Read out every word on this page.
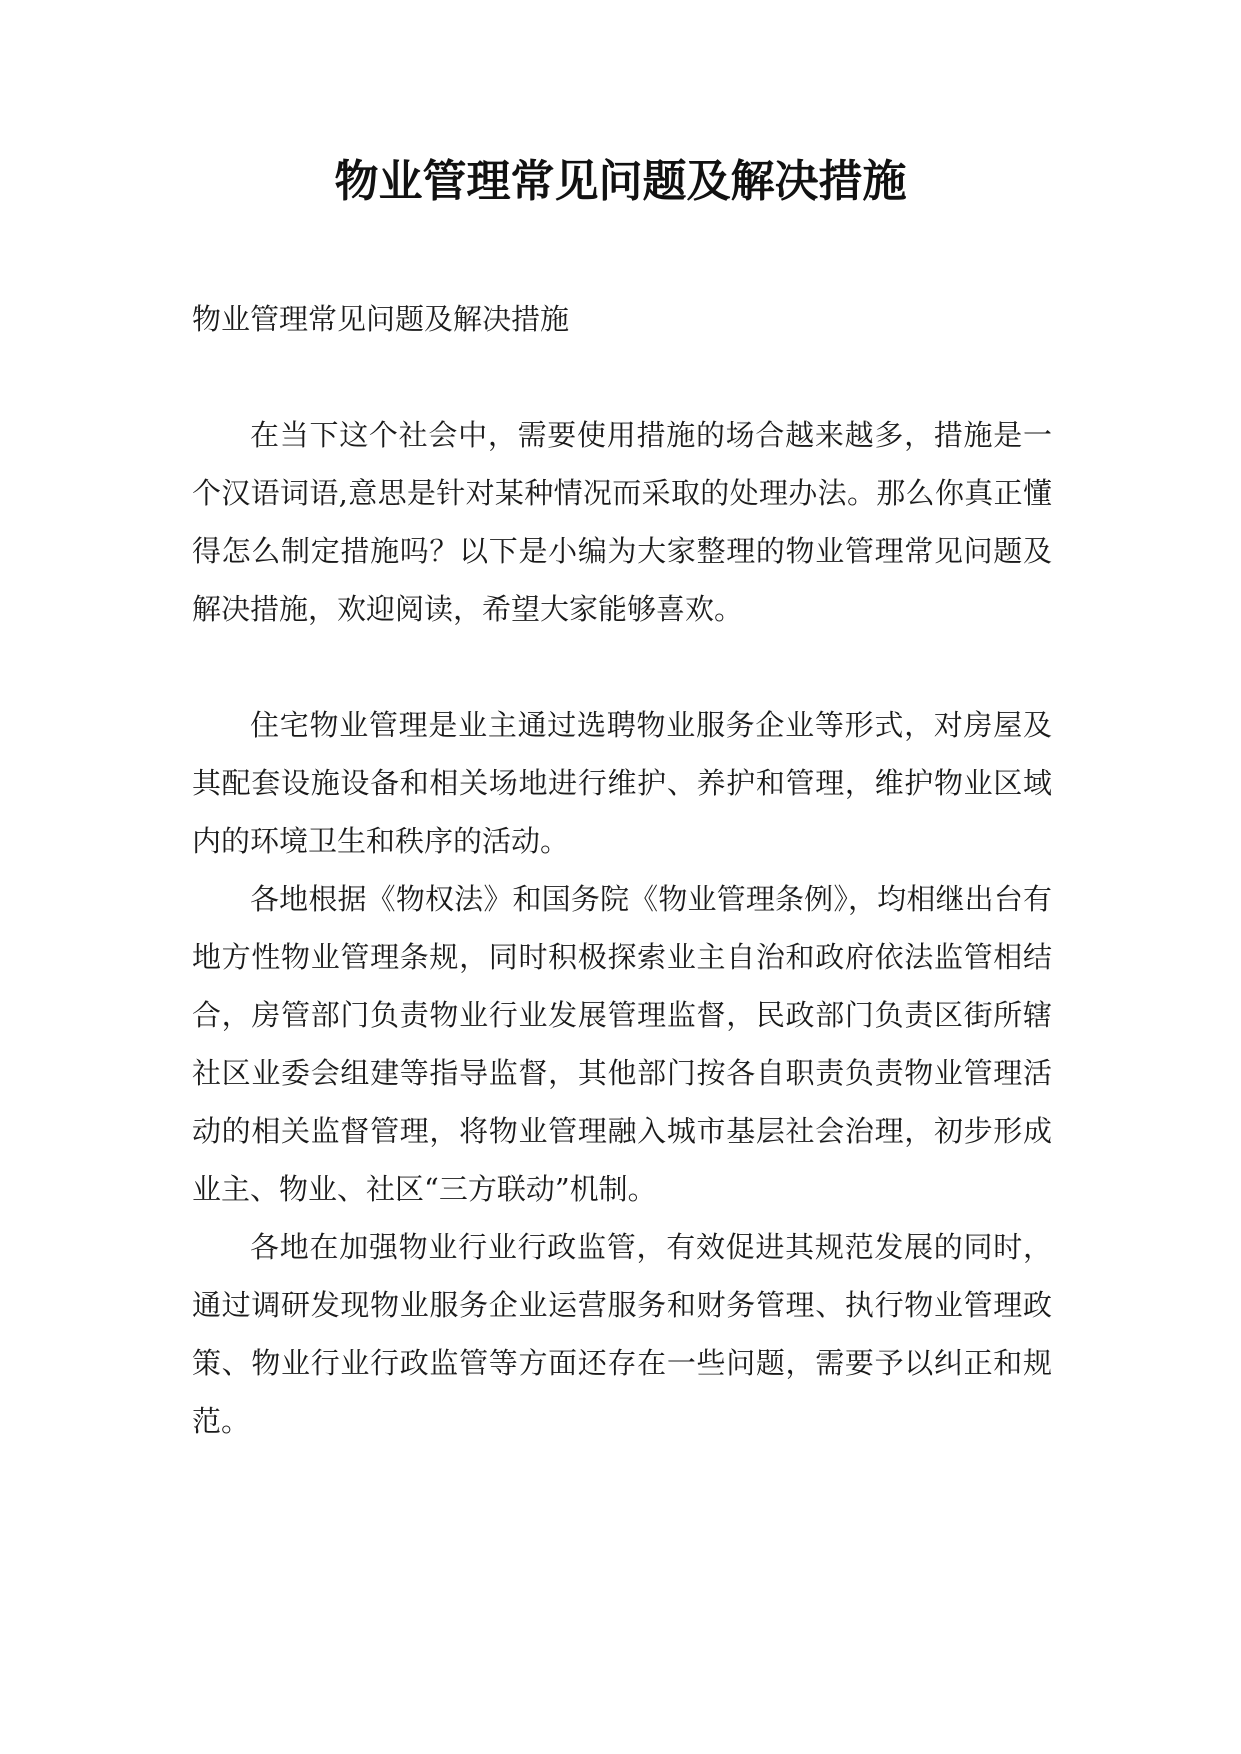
物业管理常见问题及解决措施

物业管理常见问题及解决措施

在当下这个社会中，需要使用措施的场合越来越多，措施是一个汉语词语,意思是针对某种情况而采取的处理办法。那么你真正懂得怎么制定措施吗？以下是小编为大家整理的物业管理常见问题及解决措施，欢迎阅读，希望大家能够喜欢。

住宅物业管理是业主通过选聘物业服务企业等形式，对房屋及其配套设施设备和相关场地进行维护、养护和管理，维护物业区域内的环境卫生和秩序的活动。

各地根据《物权法》和国务院《物业管理条例》，均相继出台有地方性物业管理条规，同时积极探索业主自治和政府依法监管相结合，房管部门负责物业行业发展管理监督，民政部门负责区街所辖社区业委会组建等指导监督，其他部门按各自职责负责物业管理活动的相关监督管理，将物业管理融入城市基层社会治理，初步形成业主、物业、社区“三方联动”机制。

各地在加强物业行业行政监管，有效促进其规范发展的同时，通过调研发现物业服务企业运营服务和财务管理、执行物业管理政策、物业行业行政监管等方面还存在一些问题，需要予以纠正和规范。
